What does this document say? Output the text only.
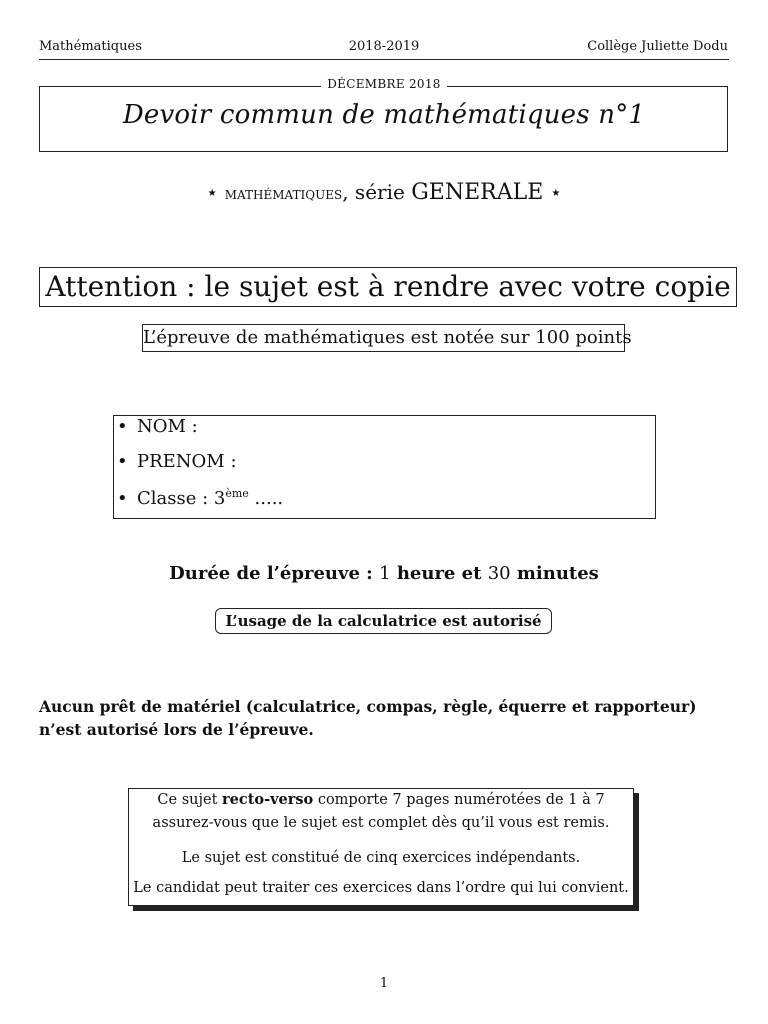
Mathématiques	2018-2019	Collège Juliette Dodu
DÉCEMBRE 2018
Devoir commun de mathématiques n°1
⋆ mathématiques, série GENERALE ⋆
Attention : le sujet est à rendre avec votre copie
L’épreuve de mathématiques est notée sur 100 points
• NOM :
• PRENOM :
• Classe : 3ème .....
Durée de l’épreuve : 1 heure et 30 minutes
L’usage de la calculatrice est autorisé
Aucun prêt de matériel (calculatrice, compas, règle, équerre et rapporteur) n’est autorisé lors de l’épreuve.
Ce sujet recto-verso comporte 7 pages numérotées de 1 à 7
assurez-vous que le sujet est complet dès qu’il vous est remis.
Le sujet est constitué de cinq exercices indépendants.
Le candidat peut traiter ces exercices dans l’ordre qui lui convient.
1
